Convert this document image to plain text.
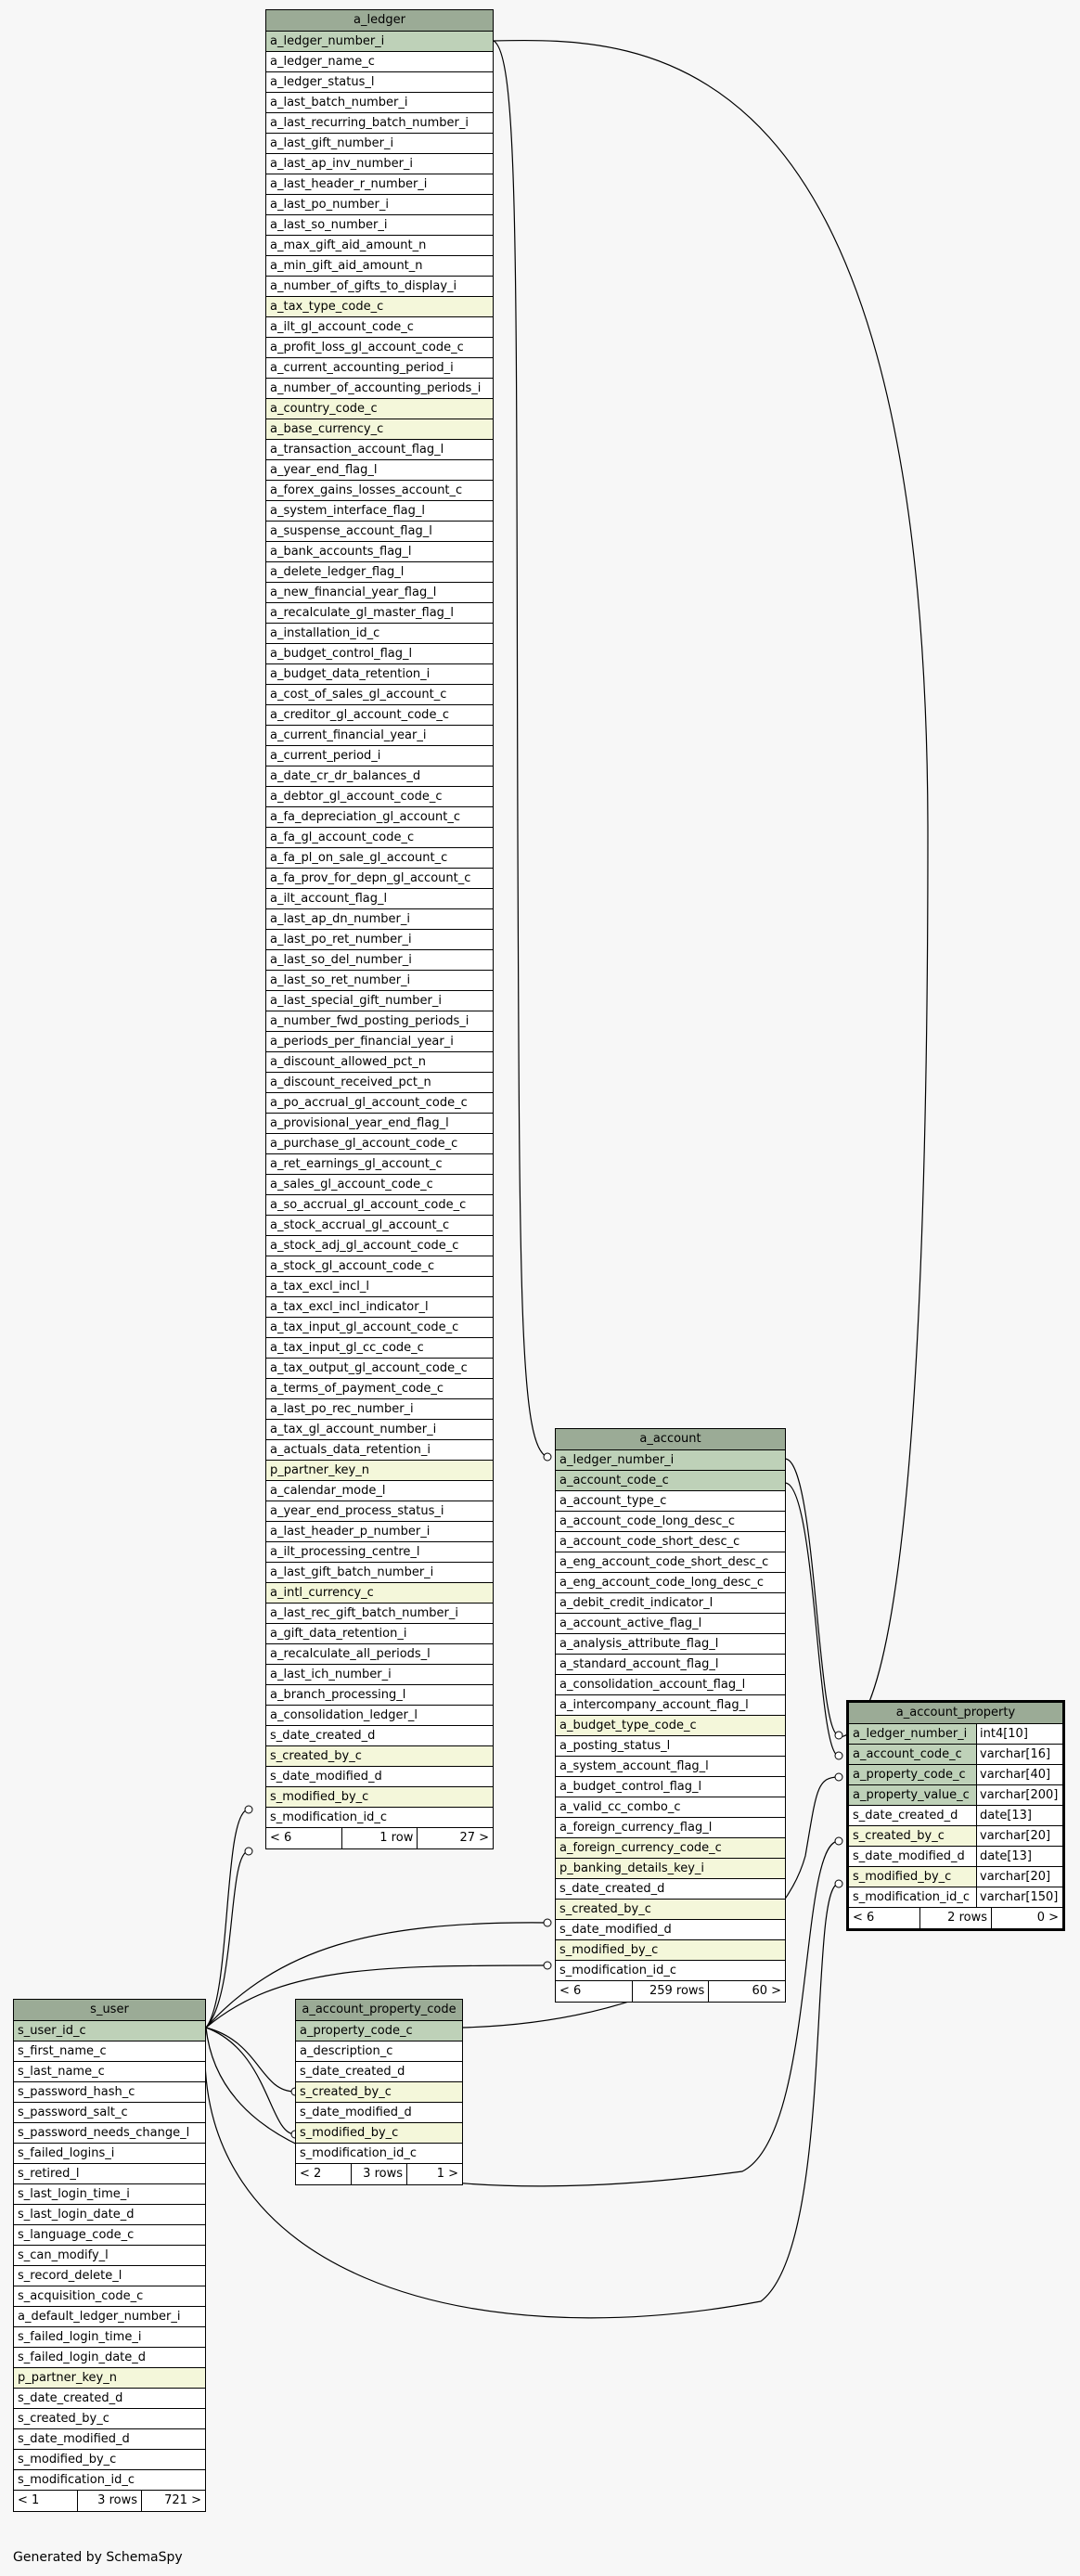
a_ledger
a_ledger_number_i
a_ledger_name_c
a_ledger_status_l
a_last_batch_number_i
a_last_recurring_batch_number_i
a_last_gift_number_i
a_last_ap_inv_number_i
a_last_header_r_number_i
a_last_po_number_i
a_last_so_number_i
a_max_gift_aid_amount_n
a_min_gift_aid_amount_n
a_number_of_gifts_to_display_i
a_tax_type_code_c
a_ilt_gl_account_code_c
a_profit_loss_gl_account_code_c
a_current_accounting_period_i
a_number_of_accounting_periods_i
a_country_code_c
a_base_currency_c
a_transaction_account_flag_l
a_year_end_flag_l
a_forex_gains_losses_account_c
a_system_interface_flag_l
a_suspense_account_flag_l
a_bank_accounts_flag_l
a_delete_ledger_flag_l
a_new_financial_year_flag_l
a_recalculate_gl_master_flag_l
a_installation_id_c
a_budget_control_flag_l
a_budget_data_retention_i
a_cost_of_sales_gl_account_c
a_creditor_gl_account_code_c
a_current_financial_year_i
a_current_period_i
a_date_cr_dr_balances_d
a_debtor_gl_account_code_c
a_fa_depreciation_gl_account_c
a_fa_gl_account_code_c
a_fa_pl_on_sale_gl_account_c
a_fa_prov_for_depn_gl_account_c
a_ilt_account_flag_l
a_last_ap_dn_number_i
a_last_po_ret_number_i
a_last_so_del_number_i
a_last_so_ret_number_i
a_last_special_gift_number_i
a_number_fwd_posting_periods_i
a_periods_per_financial_year_i
a_discount_allowed_pct_n
a_discount_received_pct_n
a_po_accrual_gl_account_code_c
a_provisional_year_end_flag_l
a_purchase_gl_account_code_c
a_ret_earnings_gl_account_c
a_sales_gl_account_code_c
a_so_accrual_gl_account_code_c
a_stock_accrual_gl_account_c
a_stock_adj_gl_account_code_c
a_stock_gl_account_code_c
a_tax_excl_incl_l
a_tax_excl_incl_indicator_l
a_tax_input_gl_account_code_c
a_tax_input_gl_cc_code_c
a_tax_output_gl_account_code_c
a_terms_of_payment_code_c
a_last_po_rec_number_i
a_tax_gl_account_number_i
a_actuals_data_retention_i
p_partner_key_n
a_calendar_mode_l
a_year_end_process_status_i
a_last_header_p_number_i
a_ilt_processing_centre_l
a_last_gift_batch_number_i
a_intl_currency_c
a_last_rec_gift_batch_number_i
a_gift_data_retention_i
a_recalculate_all_periods_l
a_last_ich_number_i
a_branch_processing_l
a_consolidation_ledger_l
s_date_created_d
s_created_by_c
s_date_modified_d
s_modified_by_c
s_modification_id_c
< 6	1 row	27 >
a_account
a_ledger_number_i
a_account_code_c
a_account_type_c
a_account_code_long_desc_c
a_account_code_short_desc_c
a_eng_account_code_short_desc_c
a_eng_account_code_long_desc_c
a_debit_credit_indicator_l
a_account_active_flag_l
a_analysis_attribute_flag_l
a_standard_account_flag_l
a_consolidation_account_flag_l
a_intercompany_account_flag_l
a_budget_type_code_c
a_posting_status_l
a_system_account_flag_l
a_budget_control_flag_l
a_valid_cc_combo_c
a_foreign_currency_flag_l
a_foreign_currency_code_c
p_banking_details_key_i
s_date_created_d
s_created_by_c
s_date_modified_d
s_modified_by_c
s_modification_id_c
< 6	259 rows	60 >
a_account_property
a_ledger_number_i	int4[10]
a_account_code_c	varchar[16]
a_property_code_c	varchar[40]
a_property_value_c varchar[200]
s_date_created_d	date[13]
s_created_by_c	varchar[20]
s_date_modified_d	date[13]
s_modified_by_c	varchar[20]
s_modification_id_c varchar[150]
< 6	2 rows	0 >
s_user
s_user_id_c
s_first_name_c
s_last_name_c
s_password_hash_c
s_password_salt_c
s_password_needs_change_l
s_failed_logins_i
s_retired_l
s_last_login_time_i
s_last_login_date_d
s_language_code_c
s_can_modify_l
s_record_delete_l
s_acquisition_code_c
a_default_ledger_number_i
s_failed_login_time_i
s_failed_login_date_d
p_partner_key_n
s_date_created_d
s_created_by_c
s_date_modified_d
s_modified_by_c
s_modification_id_c
< 1	3 rows	721 >
a_account_property_code
a_property_code_c
a_description_c
s_date_created_d
s_created_by_c
s_date_modified_d
s_modified_by_c
s_modification_id_c
< 2	3 rows	1 >
Generated by SchemaSpy
